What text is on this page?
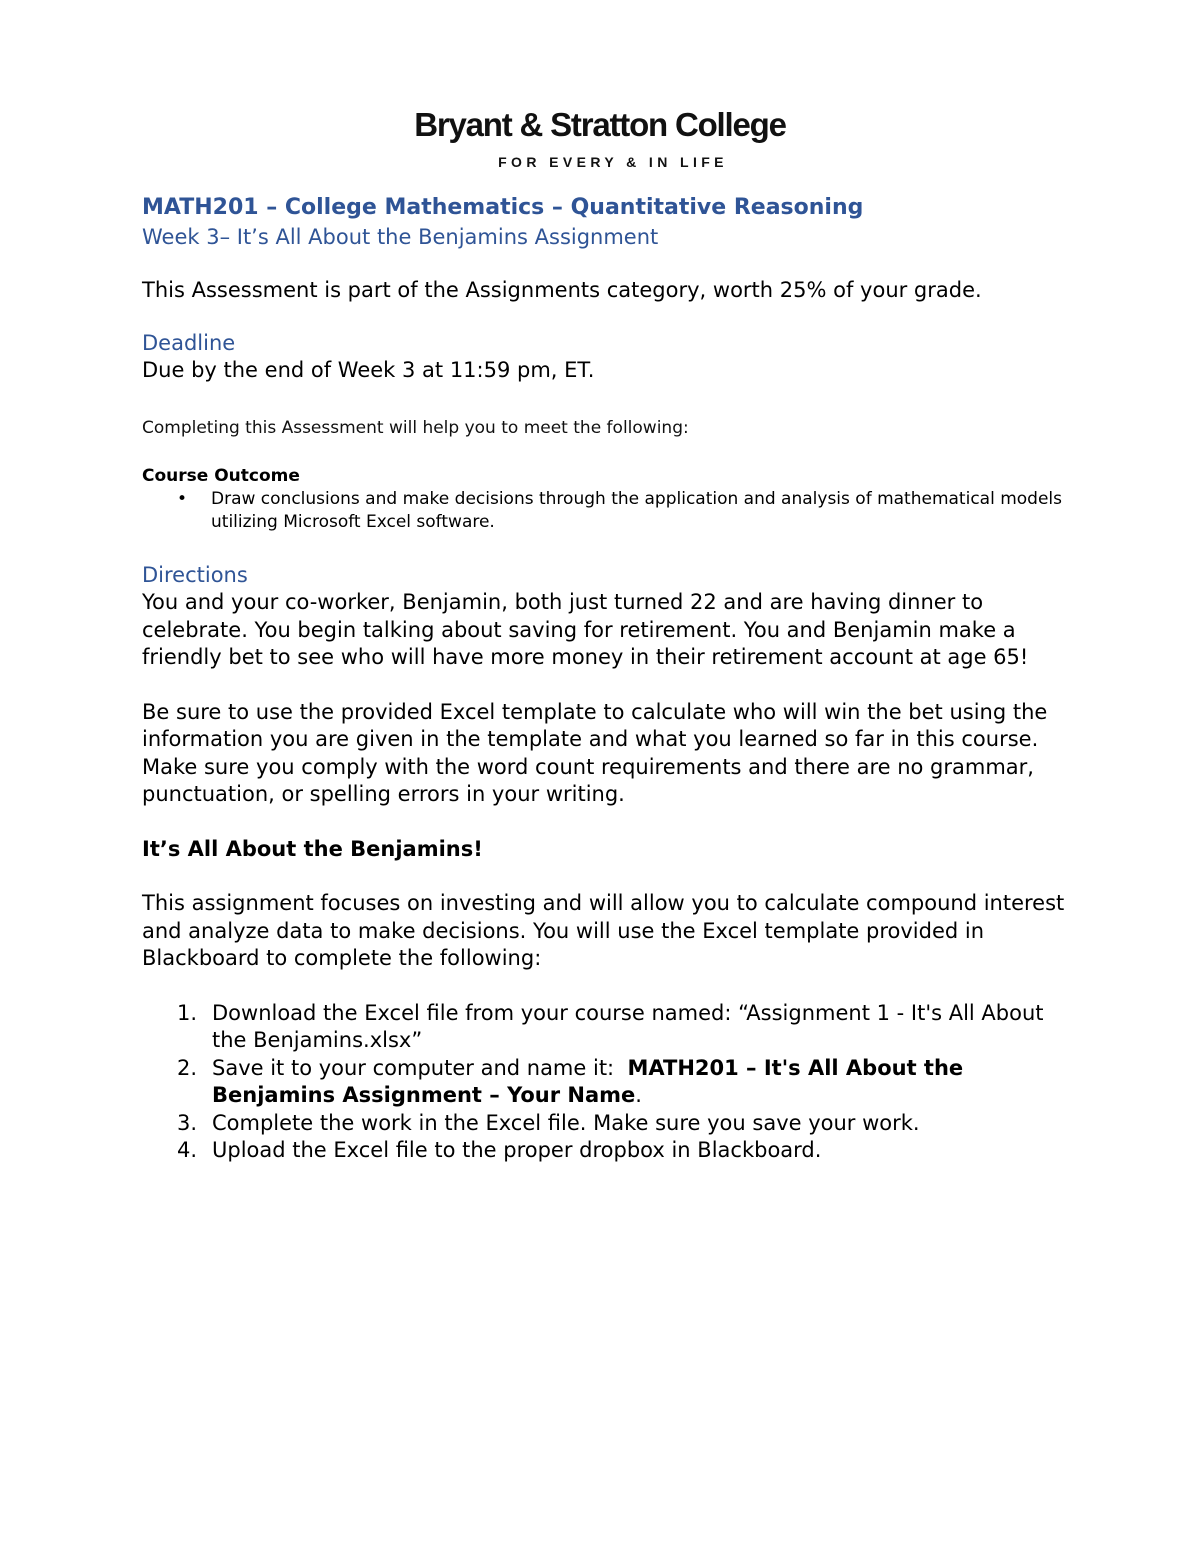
Bryant & Stratton College
FOR EVERY & IN LIFE

MATH201 – College Mathematics – Quantitative Reasoning

Week 3– It’s All About the Benjamins Assignment

This Assessment is part of the Assignments category, worth 25% of your grade.

Deadline

Due by the end of Week 3 at 11:59 pm, ET.

Completing this Assessment will help you to meet the following:

Course Outcome

• Draw conclusions and make decisions through the application and analysis of mathematical models utilizing Microsoft Excel software.

Directions

You and your co-worker, Benjamin, both just turned 22 and are having dinner to celebrate. You begin talking about saving for retirement. You and Benjamin make a friendly bet to see who will have more money in their retirement account at age 65!

Be sure to use the provided Excel template to calculate who will win the bet using the information you are given in the template and what you learned so far in this course. Make sure you comply with the word count requirements and there are no grammar, punctuation, or spelling errors in your writing.

It’s All About the Benjamins!

This assignment focuses on investing and will allow you to calculate compound interest and analyze data to make decisions. You will use the Excel template provided in Blackboard to complete the following:

1. Download the Excel file from your course named: “Assignment 1 - It's All About the Benjamins.xlsx”
2. Save it to your computer and name it:  MATH201 – It's All About the Benjamins Assignment – Your Name.
3. Complete the work in the Excel file. Make sure you save your work.
4. Upload the Excel file to the proper dropbox in Blackboard.
